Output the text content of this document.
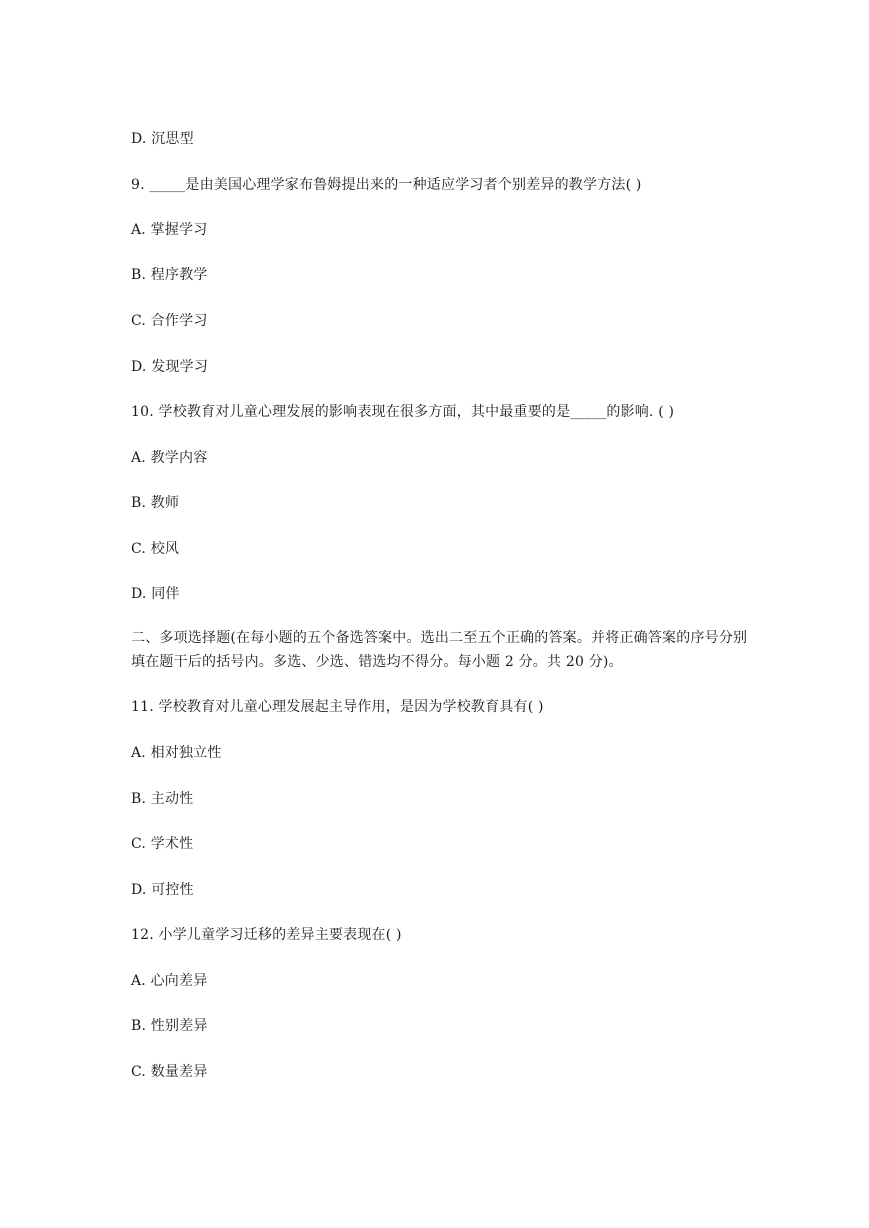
D. 沉思型
9. _____是由美国心理学家布鲁姆提出来的一种适应学习者个别差异的教学方法( )
A. 掌握学习
B. 程序教学
C. 合作学习
D. 发现学习
10. 学校教育对儿童心理发展的影响表现在很多方面，其中最重要的是_____的影响. ( )
A. 教学内容
B. 教师
C. 校风
D. 同伴
二、多项选择题(在每小题的五个备选答案中。选出二至五个正确的答案。并将正确答案的序号分别填在题干后的括号内。多选、少选、错选均不得分。每小题 2 分。共 20 分)。
11. 学校教育对儿童心理发展起主导作用，是因为学校教育具有( )
A. 相对独立性
B. 主动性
C. 学术性
D. 可控性
12. 小学儿童学习迁移的差异主要表现在( )
A. 心向差异
B. 性别差异
C. 数量差异
